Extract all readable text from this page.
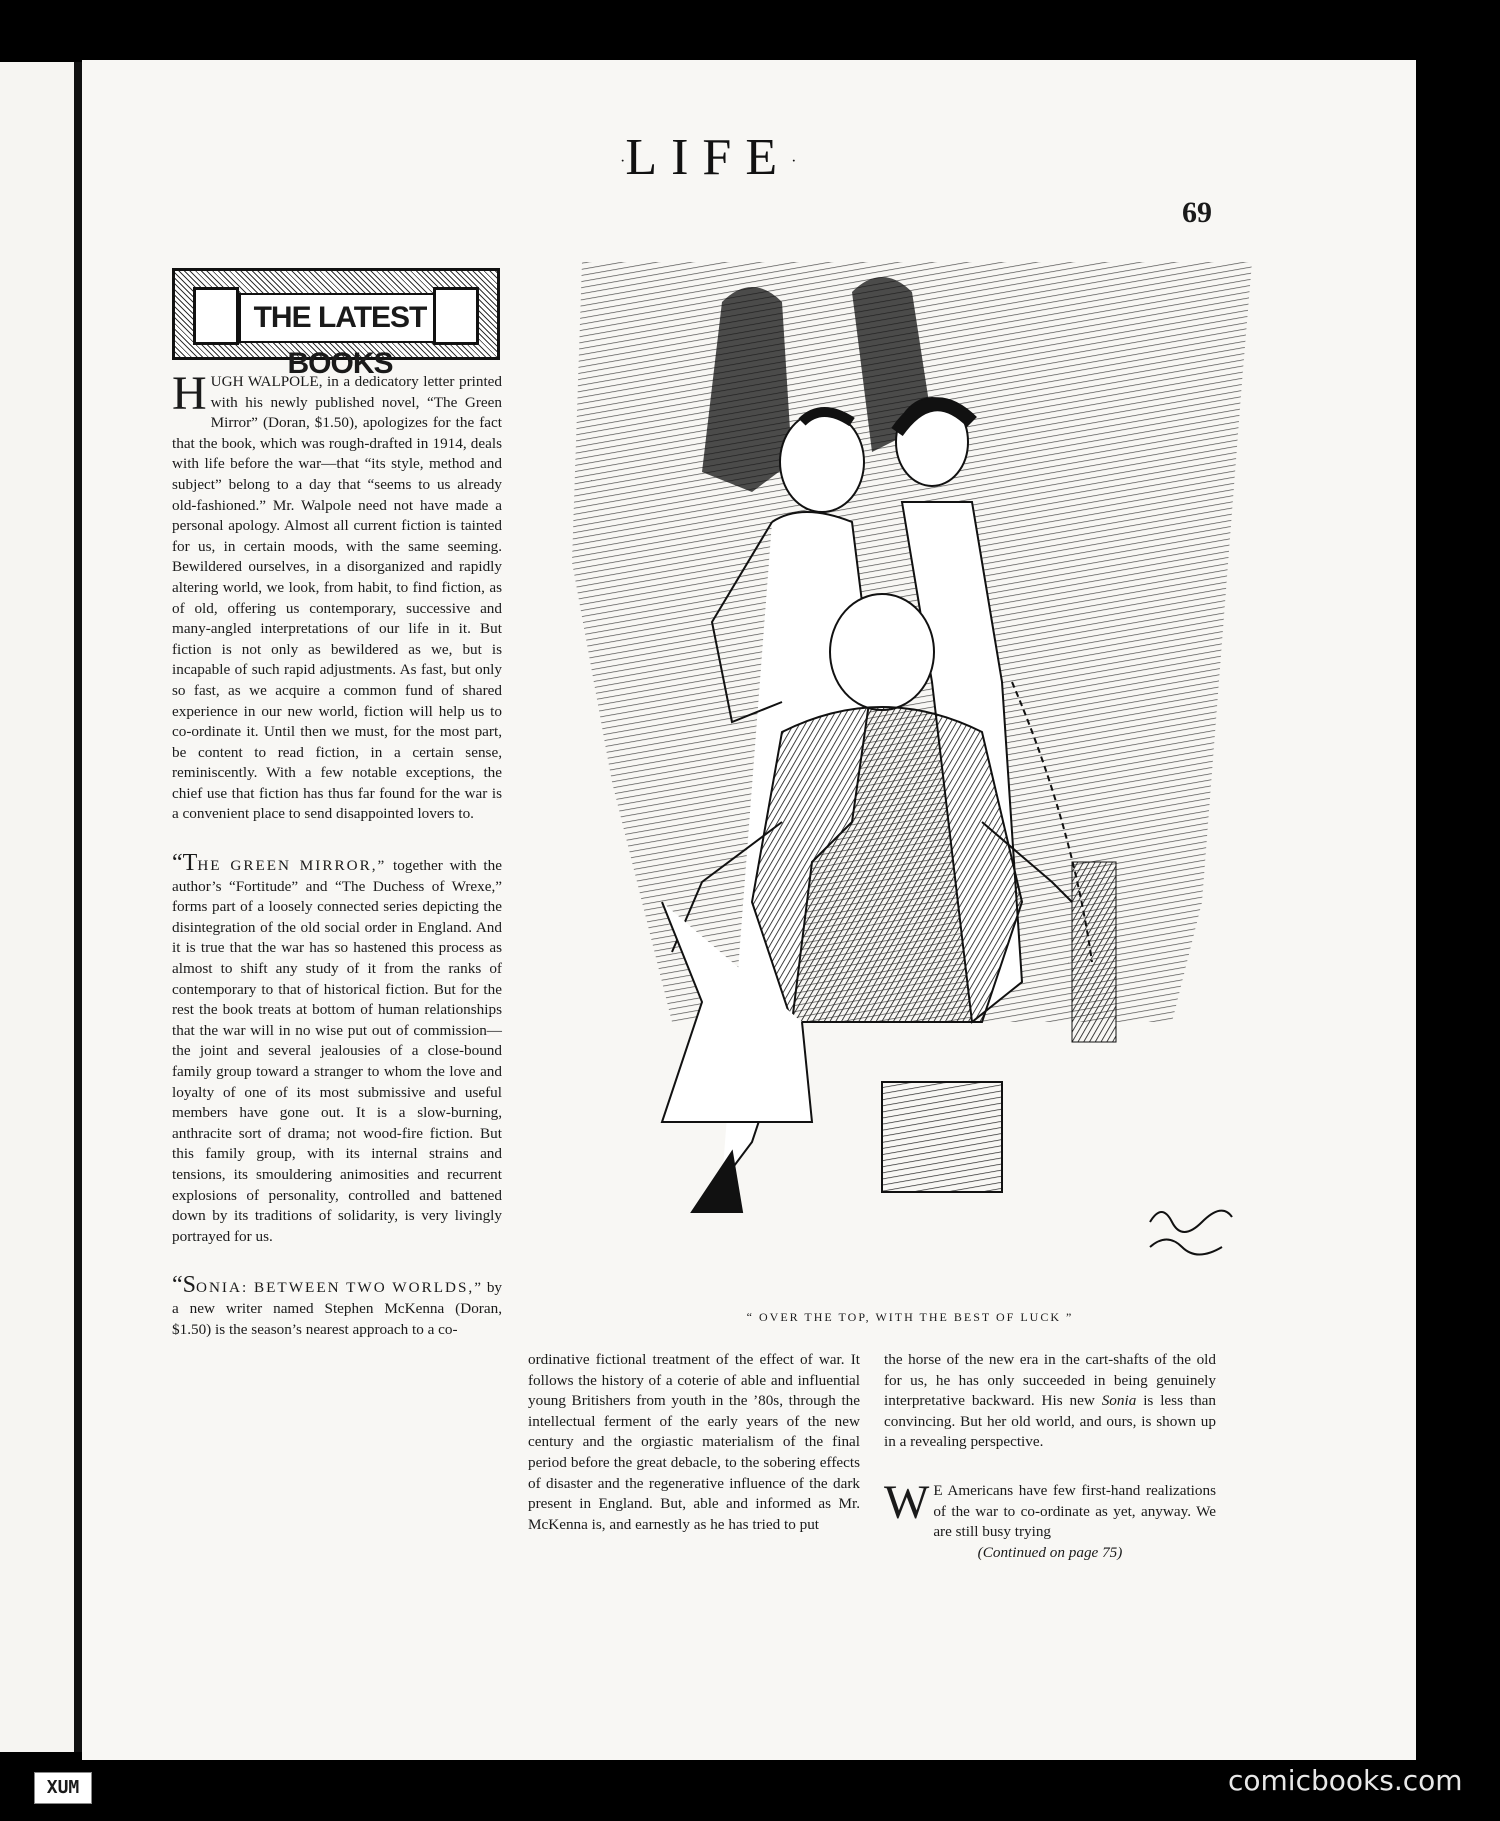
·LIFE·
69
THE LATEST BOOKS

HUGH WALPOLE, in a dedicatory letter printed with his newly published novel, “The Green Mirror” (Doran, $1.50), apologizes for the fact that the book, which was rough-drafted in 1914, deals with life before the war—that “its style, method and subject” belong to a day that “seems to us already old-fashioned.” Mr. Walpole need not have made a personal apology. Almost all current fiction is tainted for us, in certain moods, with the same seeming. Bewildered ourselves, in a disorganized and rapidly altering world, we look, from habit, to find fiction, as of old, offering us contemporary, successive and many-angled interpretations of our life in it. But fiction is not only as bewildered as we, but is incapable of such rapid adjustments. As fast, but only so fast, as we acquire a common fund of shared experience in our new world, fiction will help us to co-ordinate it. Until then we must, for the most part, be content to read fiction, in a certain sense, reminiscently. With a few notable exceptions, the chief use that fiction has thus far found for the war is a convenient place to send disappointed lovers to.

“THE GREEN MIRROR,” together with the author’s “Fortitude” and “The Duchess of Wrexe,” forms part of a loosely connected series depicting the disintegration of the old social order in England. And it is true that the war has so hastened this process as almost to shift any study of it from the ranks of contemporary to that of historical fiction. But for the rest the book treats at bottom of human relationships that the war will in no wise put out of commission—the joint and several jealousies of a close-bound family group toward a stranger to whom the love and loyalty of one of its most submissive and useful members have gone out. It is a slow-burning, anthracite sort of drama; not wood-fire fiction. But this family group, with its internal strains and tensions, its smouldering animosities and recurrent explosions of personality, controlled and battened down by its traditions of solidarity, is very livingly portrayed for us.

“SONIA: BETWEEN TWO WORLDS,” by a new writer named Stephen McKenna (Doran, $1.50) is the season’s nearest approach to a co-

“ OVER THE TOP, WITH THE BEST OF LUCK ”

ordinative fictional treatment of the effect of war. It follows the history of a coterie of able and influential young Britishers from youth in the ’80s, through the intellectual ferment of the early years of the new century and the orgiastic materialism of the final period before the great debacle, to the sobering effects of disaster and the regenerative influence of the dark present in England. But, able and informed as Mr. McKenna is, and earnestly as he has tried to put

the horse of the new era in the cart-shafts of the old for us, he has only succeeded in being genuinely interpretative backward. His new Sonia is less than convincing. But her old world, and ours, is shown up in a revealing perspective.

W E Americans have few first-hand realizations of the war to co-ordinate as yet, anyway. We are still busy trying

(Continued on page 75)

XUM	comicbooks.com
